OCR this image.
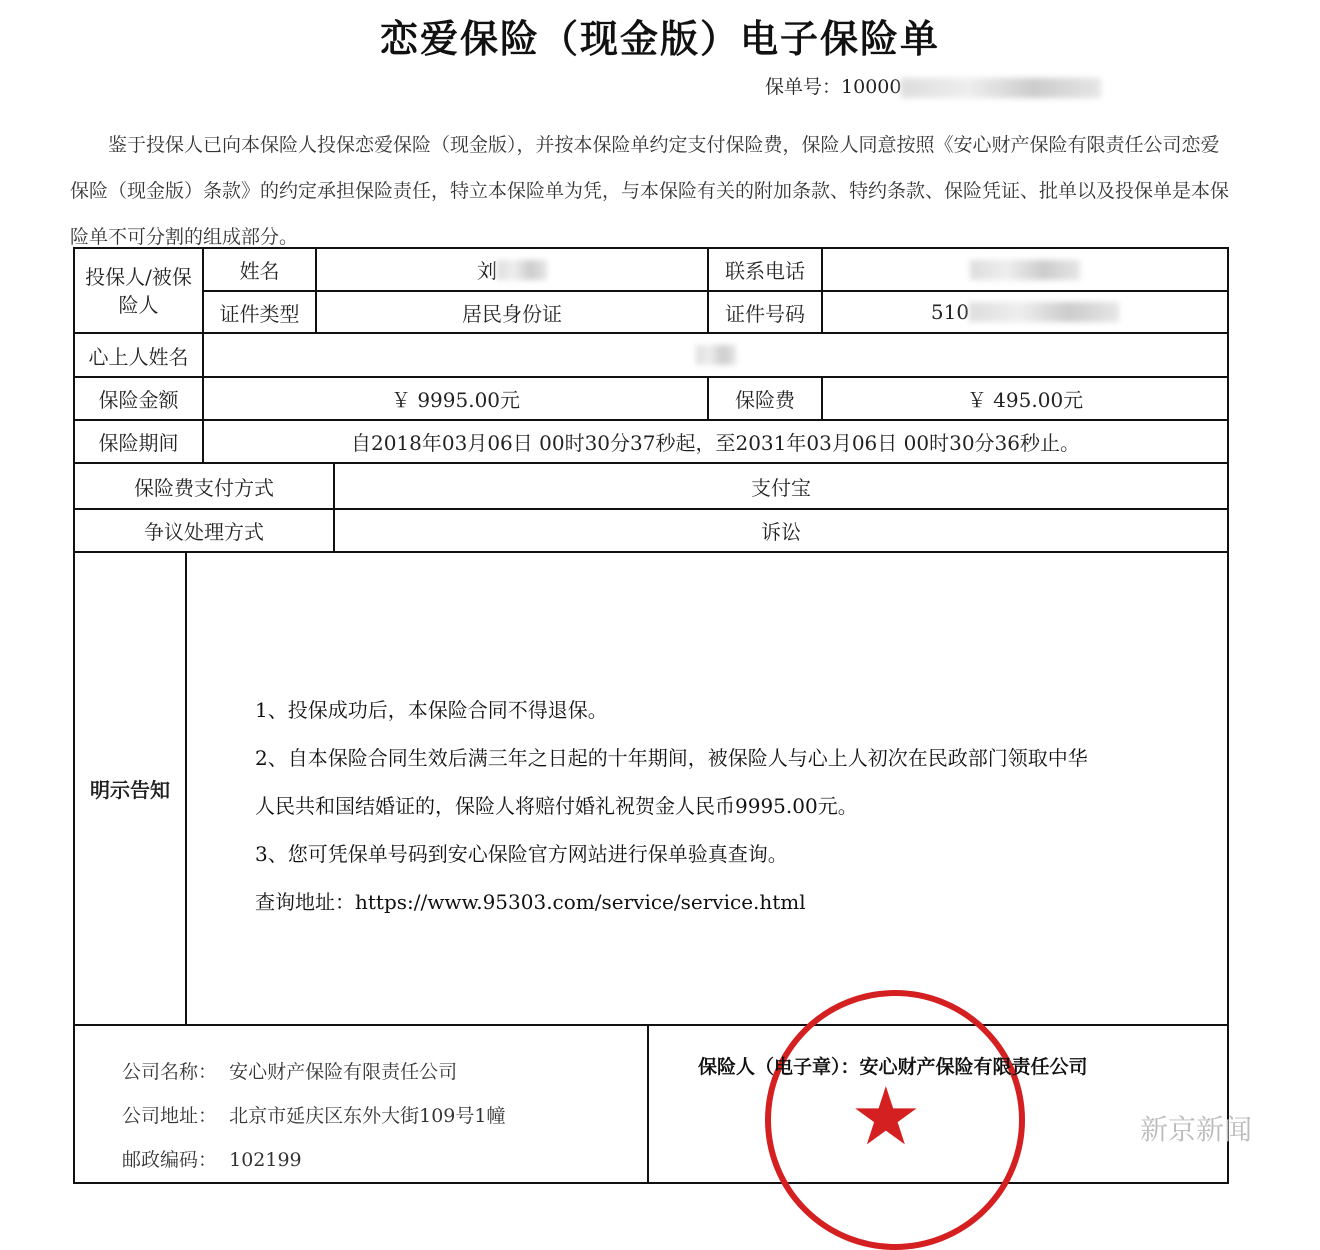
恋爱保险（现金版）电子保险单
保单号：10000
鉴于投保人已向本保险人投保恋爱保险（现金版），并按本保险单约定支付保险费，保险人同意按照《安心财产保险有限责任公司恋爱保险（现金版）条款》的约定承担保险责任，特立本保险单为凭，与本保险有关的附加条款、特约条款、保险凭证、批单以及投保单是本保险单不可分割的组成部分。
投保人/被保险人
姓名	刘	联系电话
证件类型	居民身份证	证件号码	510
心上人姓名
保险金额	￥ 9995.00元	保险费	￥ 495.00元
保险期间	自2018年03月06日 00时30分37秒起，至2031年03月06日 00时30分36秒止。
保险费支付方式	支付宝
争议处理方式	诉讼
明示告知
1、投保成功后，本保险合同不得退保。
2、自本保险合同生效后满三年之日起的十年期间，被保险人与心上人初次在民政部门领取中华
人民共和国结婚证的，保险人将赔付婚礼祝贺金人民币9995.00元。
3、您可凭保单号码到安心保险官方网站进行保单验真查询。
查询地址：https://www.95303.com/service/service.html
公司名称： 安心财产保险有限责任公司
公司地址： 北京市延庆区东外大街109号1幢
邮政编码： 102199	★
保险人（电子章）：安心财产保险有限责任公司
新京新闻
